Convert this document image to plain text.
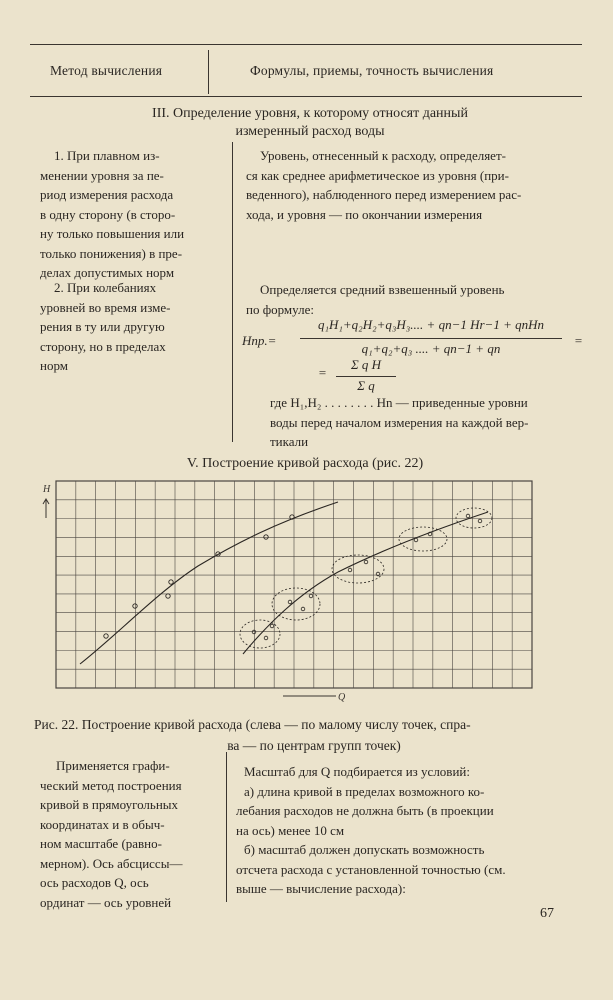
Метод вычисления	Формулы, приемы, точность вычисления
III. Определение уровня, к которому относят данный
измеренный расход воды
1. При плавном из-
менении уровня за пе-
риод измерения расхода
в одну сторону (в сторо-
ну только повышения или
только понижения) в пре-
делах допустимых норм
Уровень, отнесенный к расходу, определяет-
ся как среднее арифметическое из уровня (при-
веденного), наблюденного перед измерением рас-
хода, и уровня — по окончании измерения
2. При колебаниях
уровней во время изме-
рения в ту или другую
сторону, но в пределах
норм
Определяется средний взвешенный уровень
по формуле:
Hпр.=
q₁H₁+q₂H₂+q₃H₃.... + qn−1 Hr−1 + qnHn
q₁+q₂+q₃ .... + qn−1 + qn
=
=
Σ q H
Σ q
где H₁,H₂ . . . . . . . . Hn — приведенные уровни
воды перед началом измерения на каждой вер-
тикали
V. Построение кривой расхода (рис. 22)
H
Q
Рис. 22. Построение кривой расхода (слева — по малому числу точек, спра-
ва — по центрам групп точек)
Применяется графи-
ческий метод построения
кривой в прямоугольных
координатах и в обыч-
ном масштабе (равно-
мерном). Ось абсциссы—
ось расходов Q, ось
ординат — ось уровней
Масштаб для Q подбирается из условий:
а) длина кривой в пределах возможного ко-
лебания расходов не должна быть (в проекции
на ось) менее 10 см
б) масштаб должен допускать возможность
отсчета расхода с установленной точностью (см.
выше — вычисление расхода):
67
